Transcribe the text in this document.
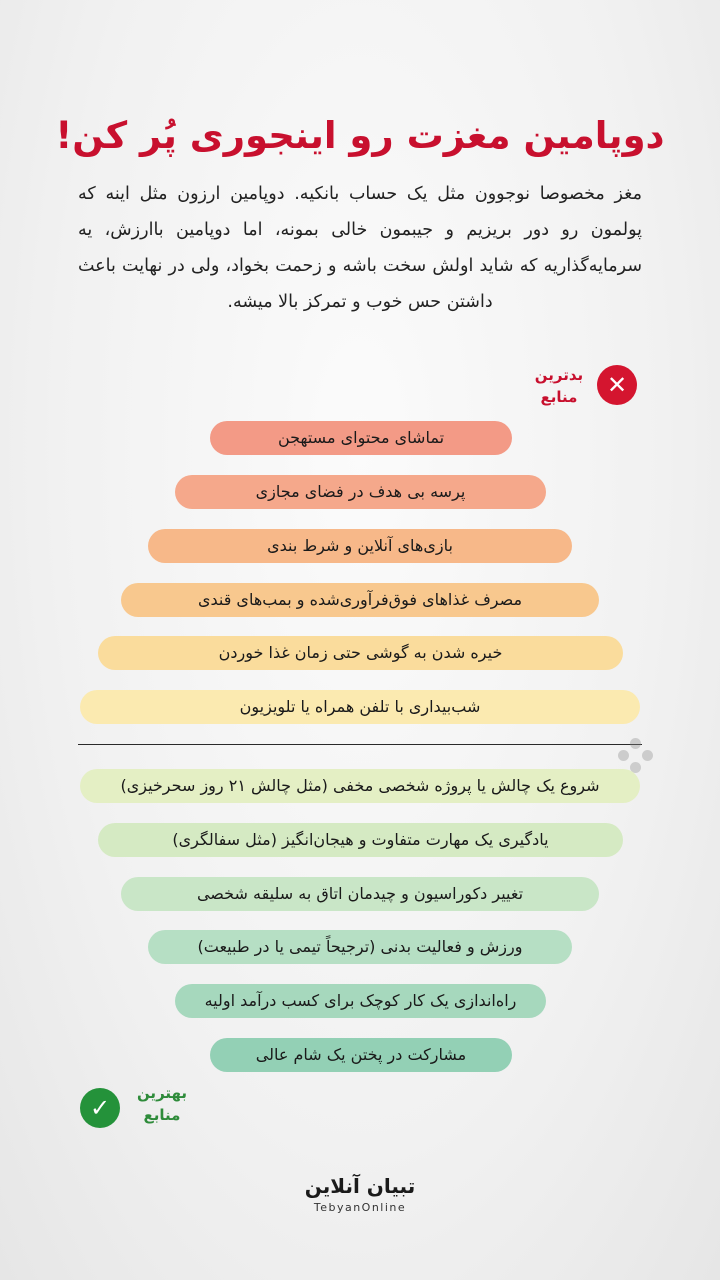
دوپامین مغزت رو اینجوری پُر کن!
مغز مخصوصا نوجوون مثل یک حساب بانکیه. دوپامین ارزون مثل اینه که پولمون رو دور بریزیم و جیبمون خالی بمونه، اما دوپامین باارزش، یه سرمایه‌گذاریه که شاید اولش سخت باشه و زحمت بخواد، ولی در نهایت باعث داشتن حس خوب و تمرکز بالا میشه.
✕
بدترین
منابع
تماشای محتوای مستهجن
پرسه بی هدف در فضای مجازی
بازی‌های آنلاین و شرط بندی
مصرف غذاهای فوق‌فرآوری‌شده و بمب‌های قندی
خیره شدن به گوشی حتی زمان غذا خوردن
شب‌بیداری با تلفن همراه یا تلویزیون
شروع یک چالش یا پروژه شخصی مخفی (مثل چالش ۲۱ روز سحرخیزی)
یادگیری یک مهارت متفاوت و هیجان‌انگیز (مثل سفالگری)
تغییر دکوراسیون و چیدمان اتاق به سلیقه شخصی
ورزش و فعالیت بدنی (ترجیحاً تیمی یا در طبیعت)
راه‌اندازی یک کار کوچک برای کسب درآمد اولیه
مشارکت در پختن یک شام عالی
✓
بهترین
منابع
تبیان آنلاین
TebyanOnline
